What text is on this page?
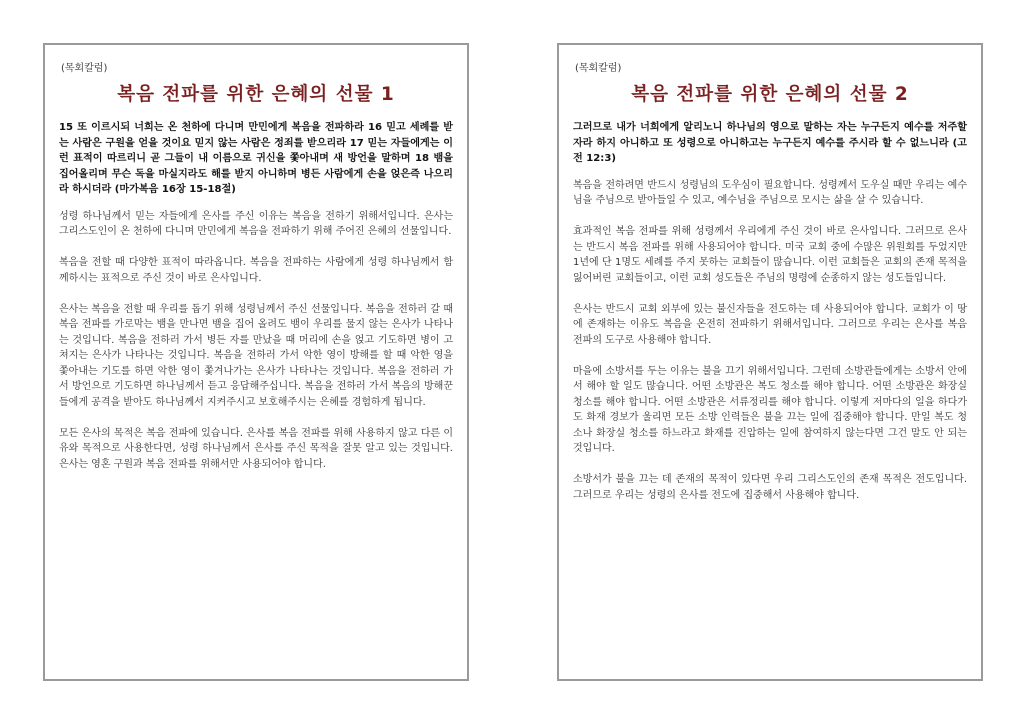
(목회칼럼)
복음 전파를 위한 은혜의 선물 1

15 또 이르시되 너희는 온 천하에 다니며 만민에게 복음을 전파하라 16 믿고 세례를 받는 사람은 구원을 얻을 것이요 믿지 않는 사람은 정죄를 받으리라 17 믿는 자들에게는 이런 표적이 따르리니 곧 그들이 내 이름으로 귀신을 쫓아내며 새 방언을 말하며 18 뱀을 집어올리며 무슨 독을 마실지라도 해를 받지 아니하며 병든 사람에게 손을 얹은즉 나으리라 하시더라 (마가복음 16장 15-18절)

성령 하나님께서 믿는 자들에게 은사를 주신 이유는 복음을 전하기 위해서입니다. 은사는 그리스도인이 온 천하에 다니며 만민에게 복음을 전파하기 위해 주어진 은혜의 선물입니다.

복음을 전할 때 다양한 표적이 따라옵니다. 복음을 전파하는 사람에게 성령 하나님께서 함께하시는 표적으로 주신 것이 바로 은사입니다.

은사는 복음을 전할 때 우리를 돕기 위해 성령님께서 주신 선물입니다. 복음을 전하러 갈 때 복음 전파를 가로막는 뱀을 만나면 뱀을 집어 올려도 뱀이 우리를 물지 않는 은사가 나타나는 것입니다. 복음을 전하러 가서 병든 자를 만났을 때 머리에 손을 얹고 기도하면 병이 고쳐지는 은사가 나타나는 것입니다. 복음을 전하러 가서 악한 영이 방해를 할 때 악한 영을 쫓아내는 기도를 하면 악한 영이 쫓겨나가는 은사가 나타나는 것입니다. 복음을 전하러 가서 방언으로 기도하면 하나님께서 듣고 응답해주십니다. 복음을 전하러 가서 복음의 방해꾼들에게 공격을 받아도 하나님께서 지켜주시고 보호해주시는 은혜를 경험하게 됩니다.

모든 은사의 목적은 복음 전파에 있습니다. 은사를 복음 전파를 위해 사용하지 않고 다른 이유와 목적으로 사용한다면, 성령 하나님께서 은사를 주신 목적을 잘못 알고 있는 것입니다. 은사는 영혼 구원과 복음 전파를 위해서만 사용되어야 합니다.

(목회칼럼)
복음 전파를 위한 은혜의 선물 2

그러므로 내가 너희에게 알리노니 하나님의 영으로 말하는 자는 누구든지 예수를 저주할 자라 하지 아니하고 또 성령으로 아니하고는 누구든지 예수를 주시라 할 수 없느니라 (고전 12:3)

복음을 전하려면 반드시 성령님의 도우심이 필요합니다. 성령께서 도우실 때만 우리는 예수님을 주님으로 받아들일 수 있고, 예수님을 주님으로 모시는 삶을 살 수 있습니다.

효과적인 복음 전파를 위해 성령께서 우리에게 주신 것이 바로 은사입니다. 그러므로 은사는 반드시 복음 전파를 위해 사용되어야 합니다. 미국 교회 중에 수많은 위원회를 두었지만 1년에 단 1명도 세례를 주지 못하는 교회들이 많습니다. 이런 교회들은 교회의 존재 목적을 잃어버린 교회들이고, 이런 교회 성도들은 주님의 명령에 순종하지 않는 성도들입니다.

은사는 반드시 교회 외부에 있는 불신자들을 전도하는 데 사용되어야 합니다. 교회가 이 땅에 존재하는 이유도 복음을 온전히 전파하기 위해서입니다. 그러므로 우리는 은사를 복음 전파의 도구로 사용해야 합니다.

마을에 소방서를 두는 이유는 불을 끄기 위해서입니다. 그런데 소방관들에게는 소방서 안에서 해야 할 일도 많습니다. 어떤 소방관은 복도 청소를 해야 합니다. 어떤 소방관은 화장실 청소를 해야 합니다. 어떤 소방관은 서류정리를 해야 합니다. 이렇게 저마다의 일을 하다가도 화재 경보가 울리면 모든 소방 인력들은 불을 끄는 일에 집중해야 합니다. 만일 복도 청소나 화장실 청소를 하느라고 화재를 진압하는 일에 참여하지 않는다면 그건 말도 안 되는 것입니다.

소방서가 불을 끄는 데 존재의 목적이 있다면 우리 그리스도인의 존재 목적은 전도입니다. 그러므로 우리는 성령의 은사를 전도에 집중해서 사용해야 합니다.
